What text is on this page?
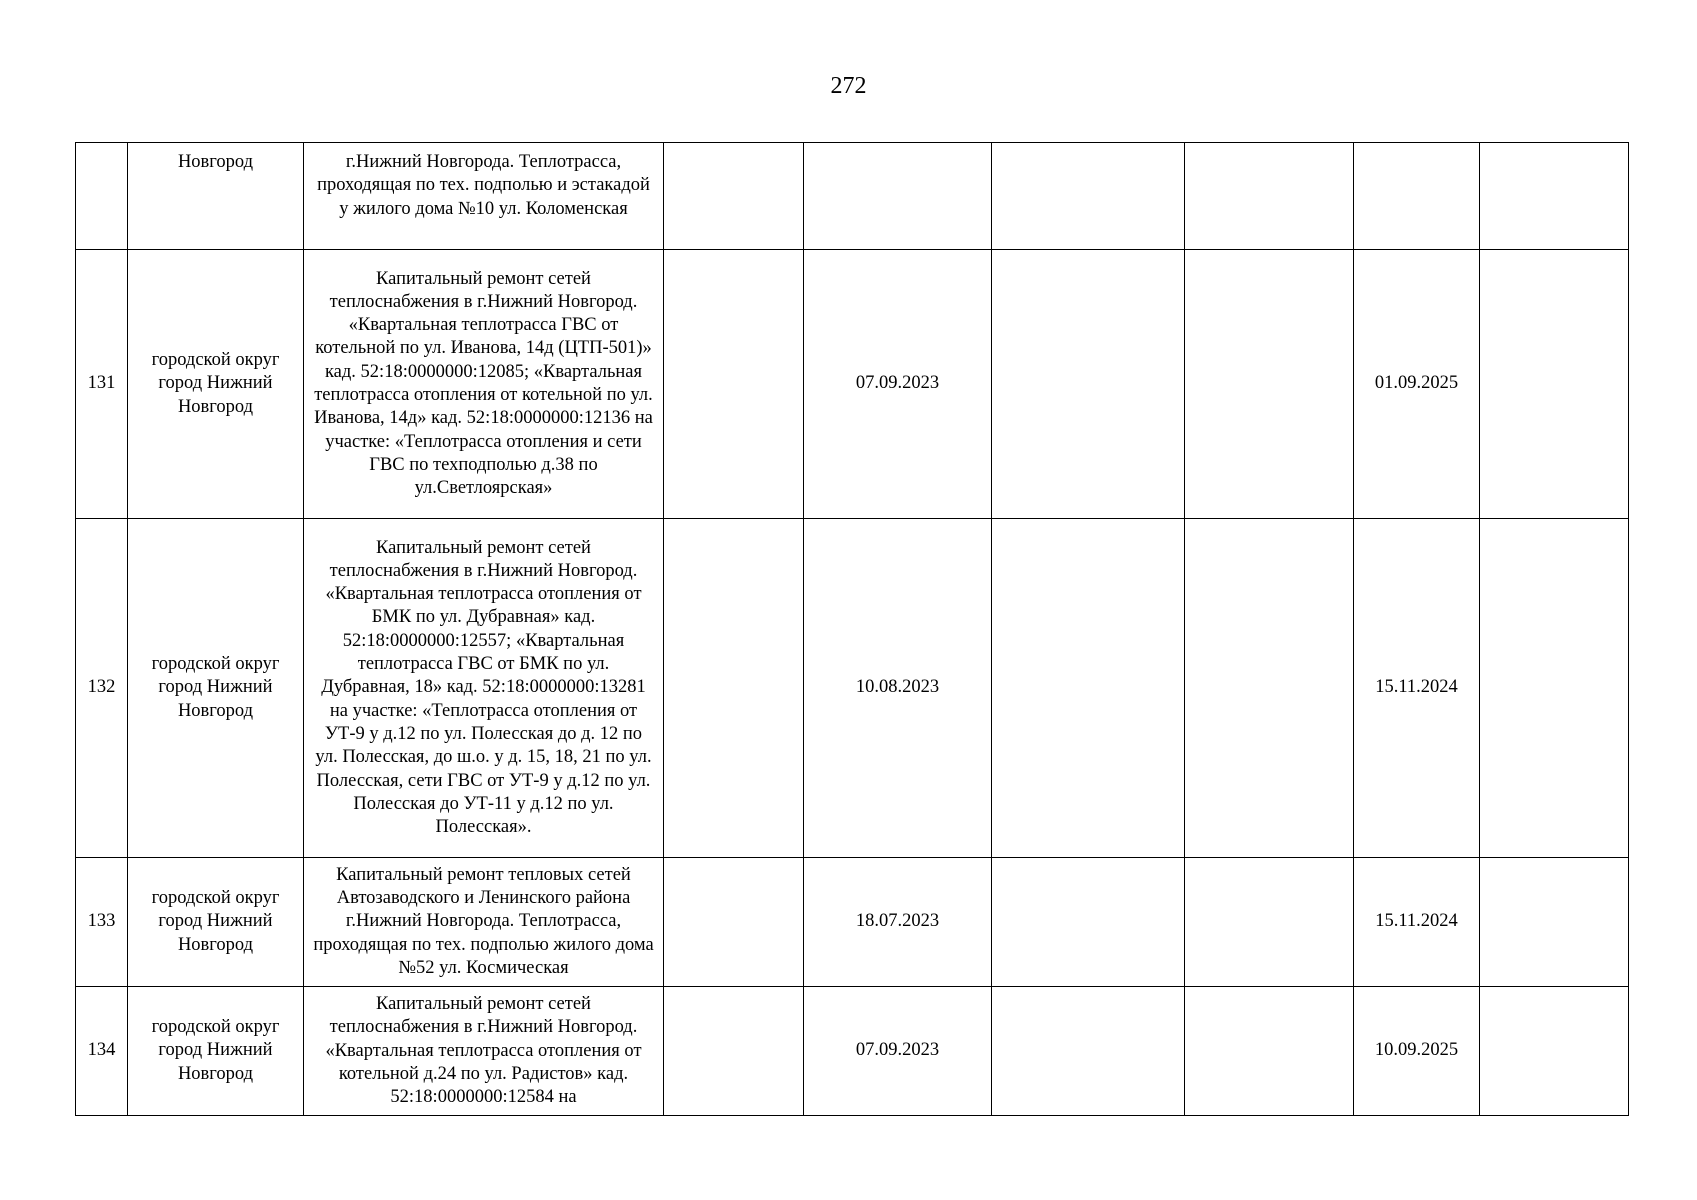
272
	Новгород	г.Нижний Новгорода. Теплотрасса, проходящая по тех. подполью и эстакадой у жилого дома №10 ул. Коломенская						
131	городской округ город Нижний Новгород	Капитальный ремонт сетей теплоснабжения в г.Нижний Новгород. «Квартальная теплотрасса ГВС от котельной по ул. Иванова, 14д (ЦТП-501)» кад. 52:18:0000000:12085; «Квартальная теплотрасса отопления от котельной по ул. Иванова, 14д» кад. 52:18:0000000:12136 на участке: «Теплотрасса отопления и сети ГВС по техподполью д.38 по ул.Светлоярская»		07.09.2023			01.09.2025	
132	городской округ город Нижний Новгород	Капитальный ремонт сетей теплоснабжения в г.Нижний Новгород. «Квартальная теплотрасса отопления от БМК по ул. Дубравная» кад. 52:18:0000000:12557; «Квартальная теплотрасса ГВС от БМК по ул. Дубравная, 18» кад. 52:18:0000000:13281 на участке: «Теплотрасса отопления от УТ-9 у д.12 по ул. Полесская до д. 12 по ул. Полесская, до ш.о. у д. 15, 18, 21 по ул. Полесская, сети ГВС от УТ-9 у д.12 по ул. Полесская до УТ-11 у д.12 по ул. Полесская».		10.08.2023			15.11.2024	
133	городской округ город Нижний Новгород	Капитальный ремонт тепловых сетей Автозаводского и Ленинского района г.Нижний Новгорода. Теплотрасса, проходящая по тех. подполью жилого дома №52 ул. Космическая		18.07.2023			15.11.2024	
134	городской округ город Нижний Новгород	Капитальный ремонт сетей теплоснабжения в г.Нижний Новгород. «Квартальная теплотрасса отопления от котельной д.24 по ул. Радистов» кад. 52:18:0000000:12584 на		07.09.2023			10.09.2025	
